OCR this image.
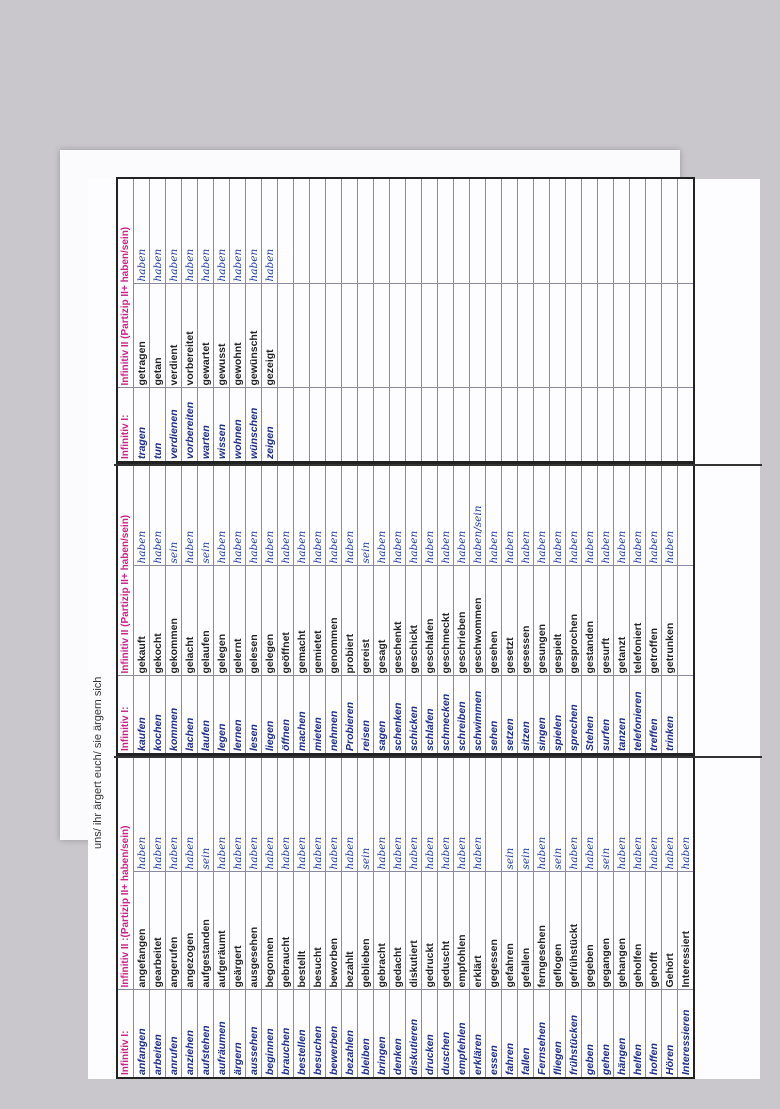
uns/ ihr ärgert euch/ sie ärgern sich
Infinitiv I:	Infinitiv II :(Partizip II+ haben/sein)	
anfangen	angefangen	haben
arbeiten	gearbeitet	haben
anrufen	angerufen	haben
anziehen	angezogen	haben
aufstehen	aufgestanden	sein
aufräumen	aufgeräumt	haben
ärgern	geärgert	haben
aussehen	ausgesehen	haben
beginnen	begonnen	haben
brauchen	gebraucht	haben
bestellen	bestellt	haben
besuchen	besucht	haben
bewerben	beworben	haben
bezahlen	bezahlt	haben
bleiben	geblieben	sein
bringen	gebracht	haben
denken	gedacht	haben
diskutieren	diskutiert	haben
drucken	gedruckt	haben
duschen	geduscht	haben
empfehlen	empfohlen	haben
erklären	erklärt	haben
essen	gegessen	
fahren	gefahren	sein
fallen	gefallen	sein
Fernsehen	ferngesehen	haben
fliegen	geflogen	sein
frühstücken	gefrühstückt	haben
geben	gegeben	haben
gehen	gegangen	sein
hängen	gehangen	haben
helfen	geholfen	haben
hoffen	gehofft	haben
Hören	Gehört	haben
Interessieren	Interessiert	haben
Infinitiv I:	Infinitiv II (Partizip II+ haben/sein)	
kaufen	gekauft	haben
kochen	gekocht	haben
kommen	gekommen	sein
lachen	gelacht	haben
laufen	gelaufen	sein
legen	gelegen	haben
lernen	gelernt	haben
lesen	gelesen	haben
liegen	gelegen	haben
öffnen	geöffnet	haben
machen	gemacht	haben
mieten	gemietet	haben
nehmen	genommen	haben
Probieren	probiert	haben
reisen	gereist	sein
sagen	gesagt	haben
schenken	geschenkt	haben
schicken	geschickt	haben
schlafen	geschlafen	haben
schmecken	geschmeckt	haben
schreiben	geschrieben	haben
schwimmen	geschwommen	haben/sein
sehen	gesehen	haben
setzen	gesetzt	haben
sitzen	gesessen	haben
singen	gesungen	haben
spielen	gespielt	haben
sprechen	gesprochen	haben
Stehen	gestanden	haben
surfen	gesurft	haben
tanzen	getanzt	haben
telefonieren	telefoniert	haben
treffen	getroffen	haben
trinken	getrunken	haben

Infinitiv I:	Infinitiv II (Partizip II+ haben/sein)	
tragen	getragen	haben
tun	getan	haben
verdienen	verdient	haben
vorbereiten	vorbereitet	haben
warten	gewartet	haben
wissen	gewusst	haben
wohnen	gewohnt	haben
wünschen	gewünscht	haben
zeigen	gezeigt	haben
